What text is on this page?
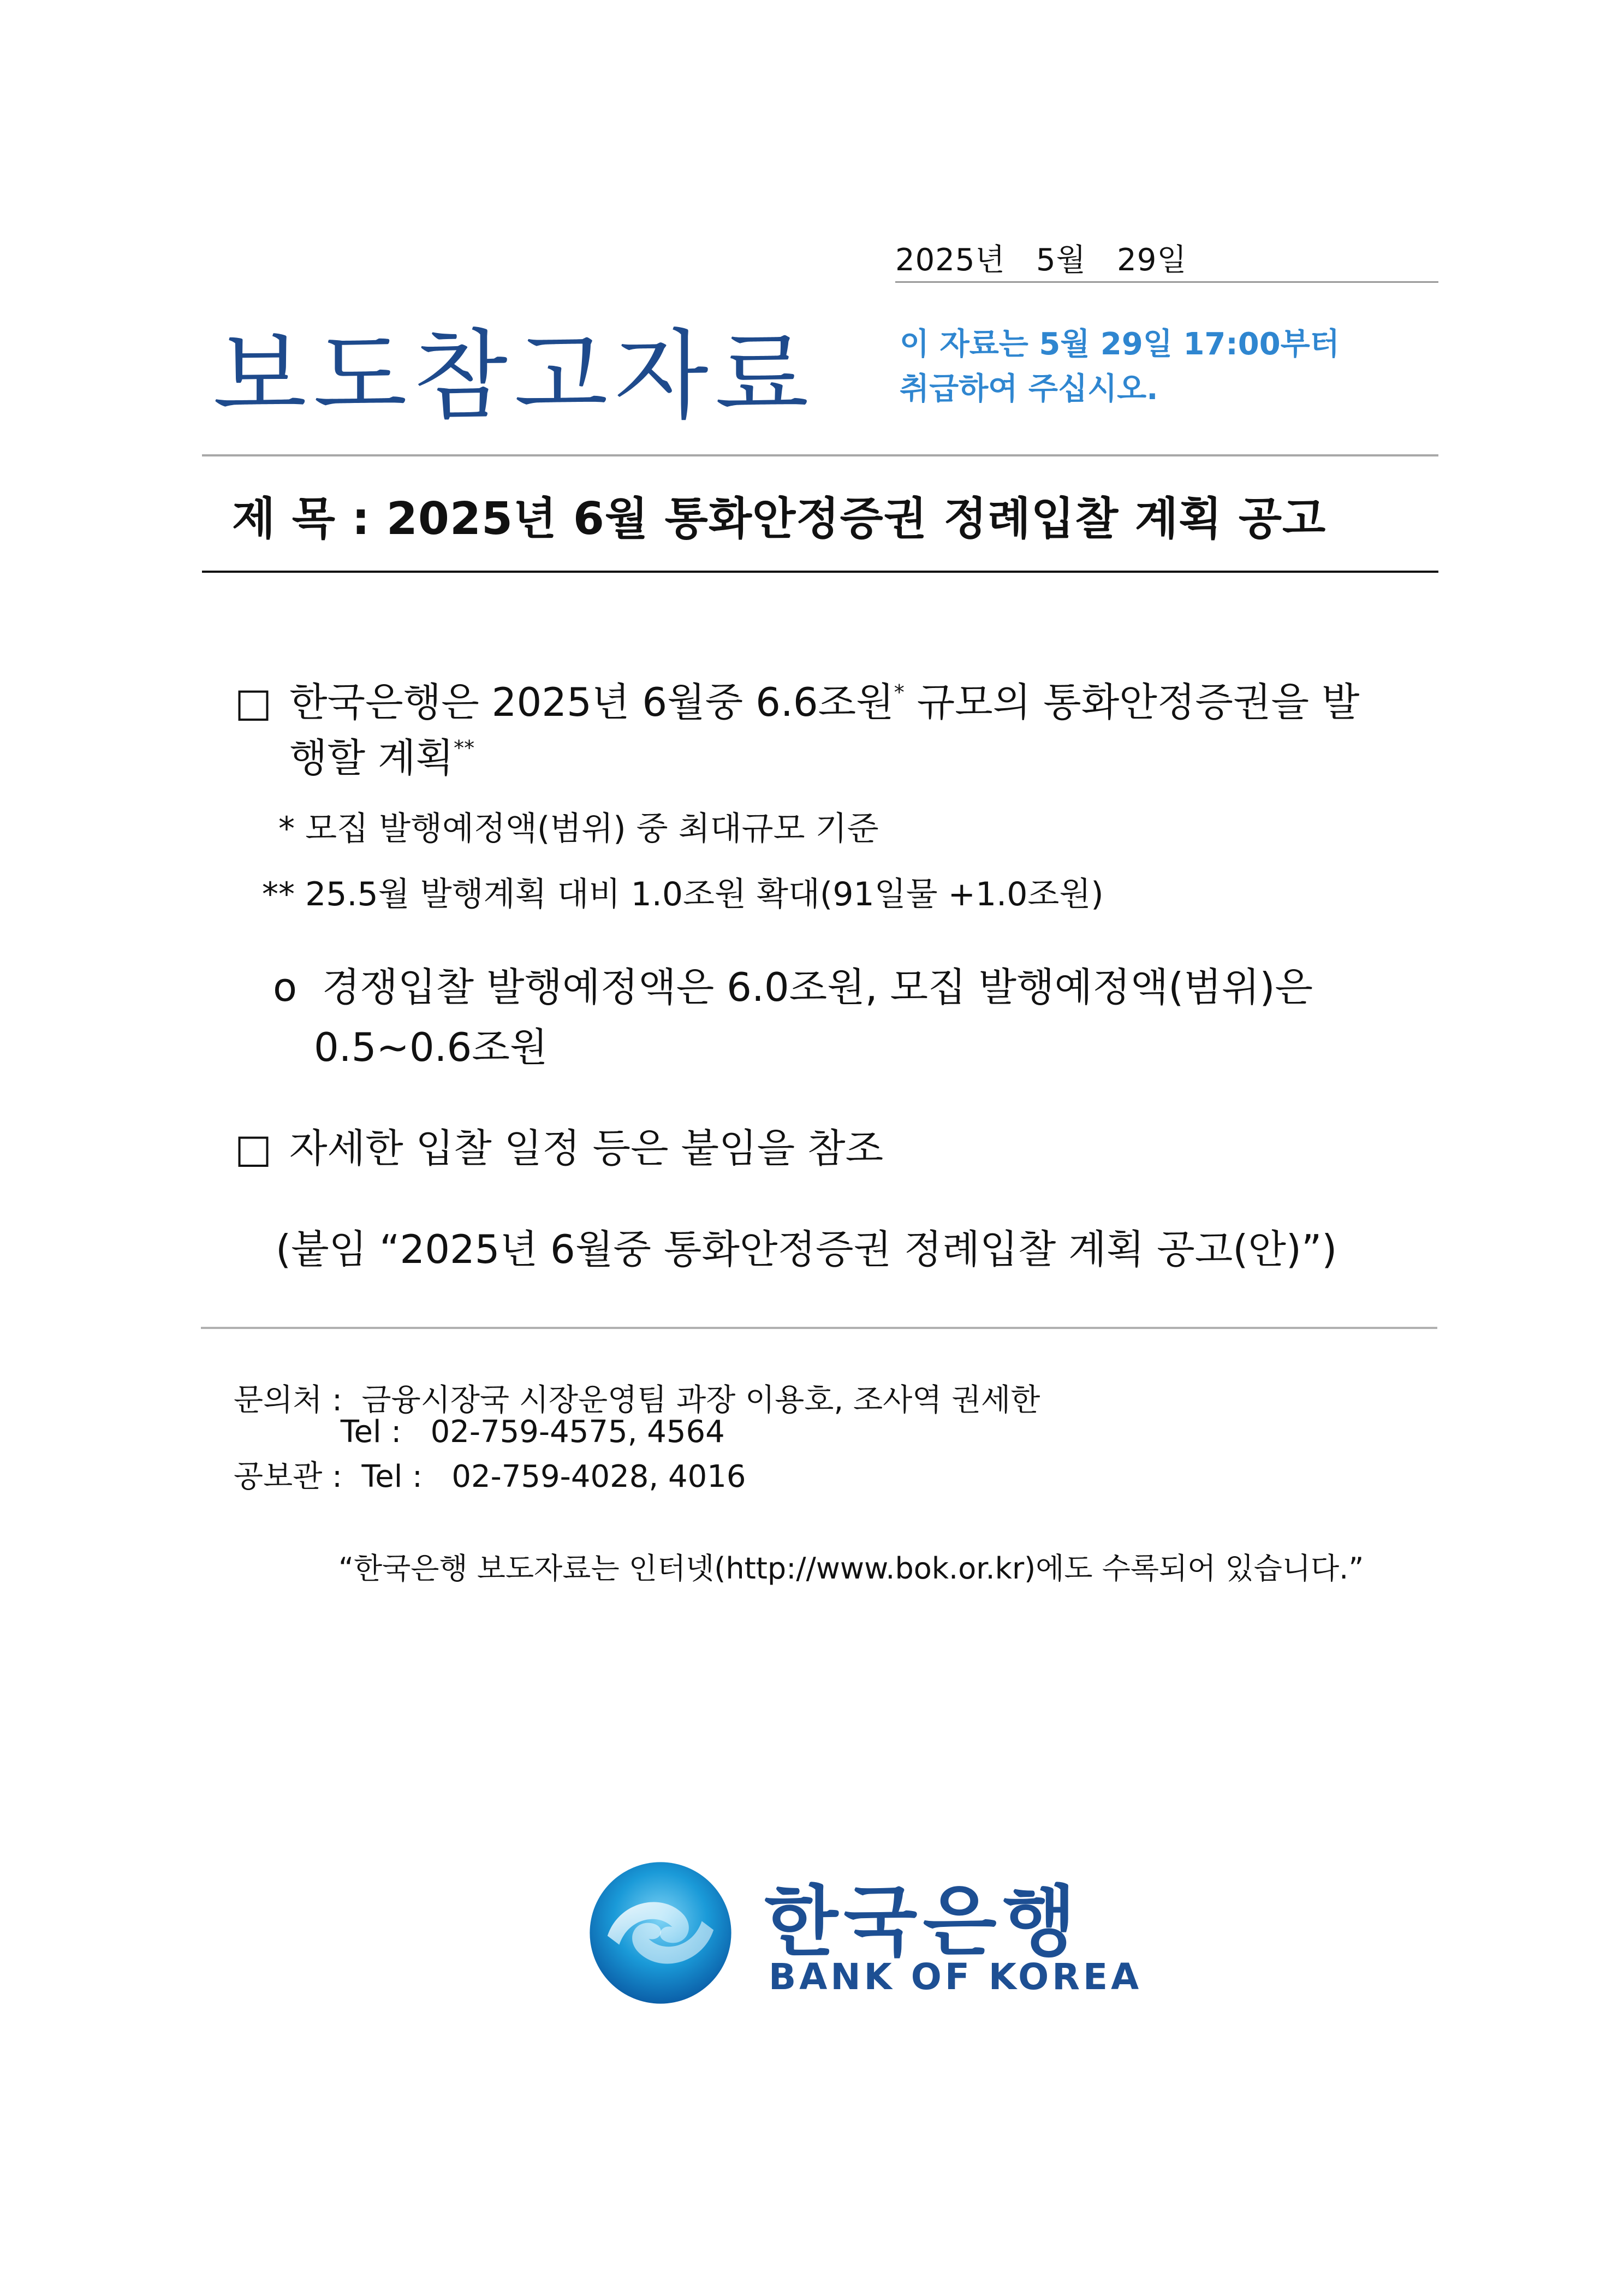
2025년   5월   29일
보도참고자료	이 자료는 5월 29일 17:00부터
취급하여 주십시오.
제 목 : 2025년 6월 통화안정증권 정례입찰 계획 공고
□ 한국은행은 2025년 6월중 6.6조원* 규모의 통화안정증권을 발
행할 계획**
* 모집 발행예정액(범위) 중 최대규모 기준
** 25.5월 발행계획 대비 1.0조원 확대(91일물 +1.0조원)
o 경쟁입찰 발행예정액은 6.0조원, 모집 발행예정액(범위)은
0.5~0.6조원
□ 자세한 입찰 일정 등은 붙임을 참조
(붙임 “2025년 6월중 통화안정증권 정례입찰 계획 공고(안)”)
문의처 :  금융시장국 시장운영팀 과장 이용호, 조사역 권세한
Tel :   02-759-4575, 4564
공보관 :  Tel :   02-759-4028, 4016
“한국은행 보도자료는 인터넷(http://www.bok.or.kr)에도 수록되어 있습니다.”
한국은행
BANK OF KOREA
